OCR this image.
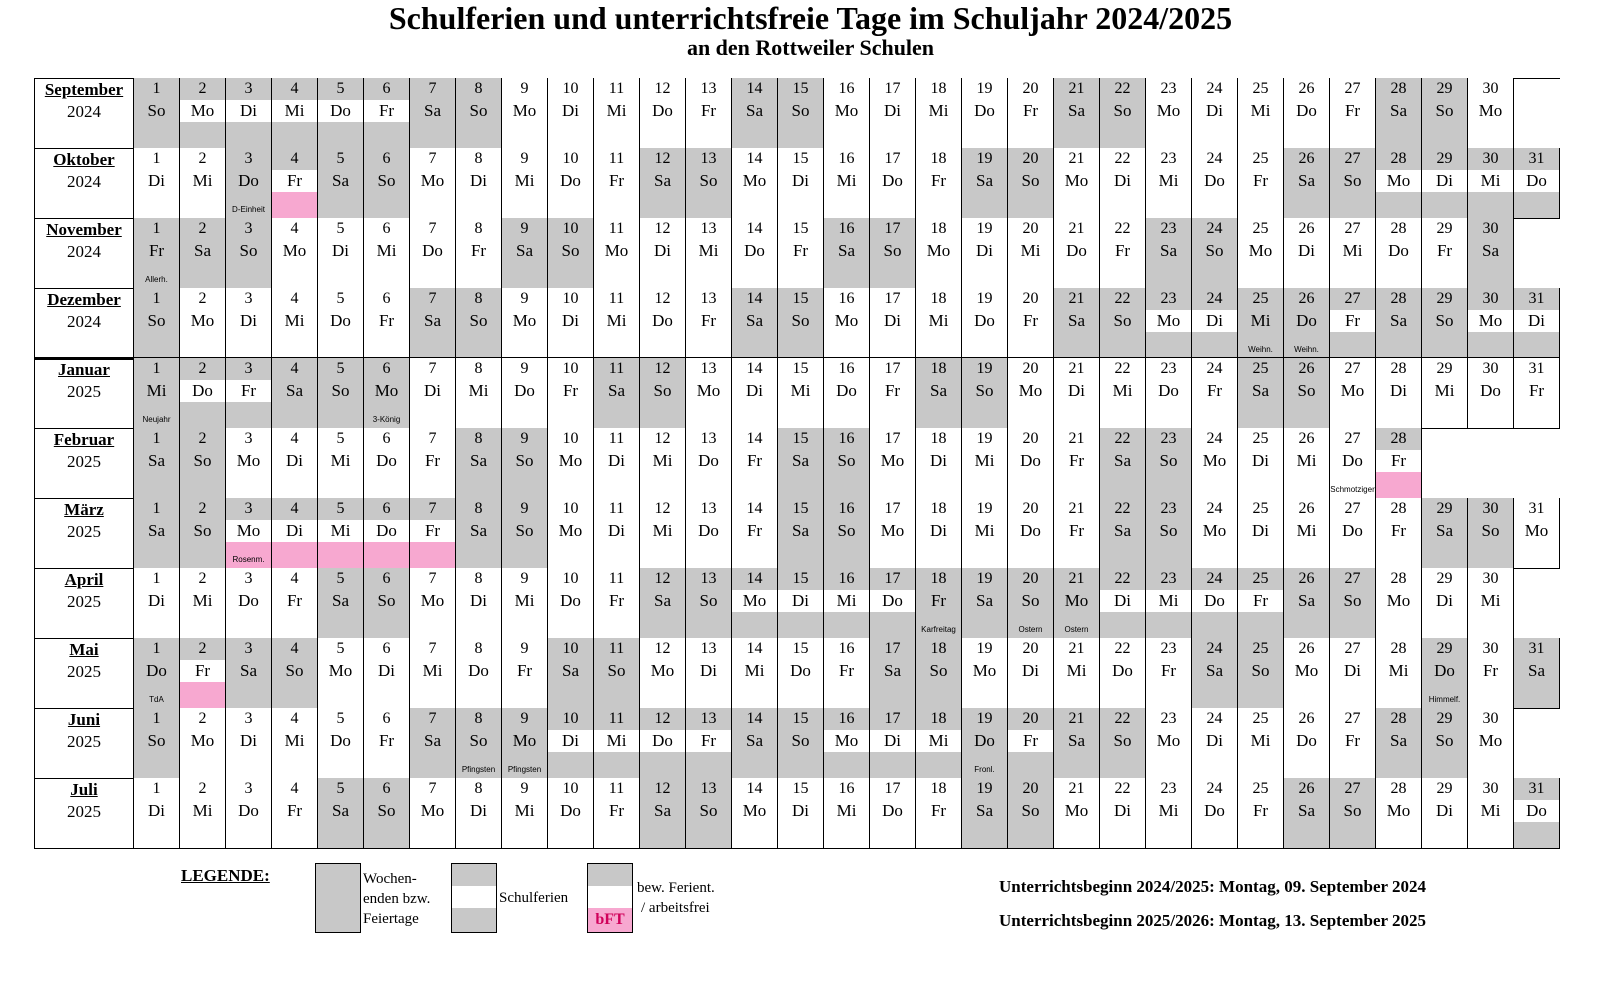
Schulferien und unterrichtsfreie Tage im Schuljahr 2024/2025
an den Rottweiler Schulen
September
2024
1
So
2
Mo
3
Di
4
Mi
5
Do
6
Fr
7
Sa
8
So
9
Mo
10
Di
11
Mi
12
Do
13
Fr
14
Sa
15
So
16
Mo
17
Di
18
Mi
19
Do
20
Fr
21
Sa
22
So
23
Mo
24
Di
25
Mi
26
Do
27
Fr
28
Sa
29
So
30
Mo
Oktober
2024
1
Di
2
Mi
3
Do
D-Einheit
4
Fr
5
Sa
6
So
7
Mo
8
Di
9
Mi
10
Do
11
Fr
12
Sa
13
So
14
Mo
15
Di
16
Mi
17
Do
18
Fr
19
Sa
20
So
21
Mo
22
Di
23
Mi
24
Do
25
Fr
26
Sa
27
So
28
Mo
29
Di
30
Mi
31
Do
November
2024
1
Fr
Allerh.
2
Sa
3
So
4
Mo
5
Di
6
Mi
7
Do
8
Fr
9
Sa
10
So
11
Mo
12
Di
13
Mi
14
Do
15
Fr
16
Sa
17
So
18
Mo
19
Di
20
Mi
21
Do
22
Fr
23
Sa
24
So
25
Mo
26
Di
27
Mi
28
Do
29
Fr
30
Sa
Dezember
2024
1
So
2
Mo
3
Di
4
Mi
5
Do
6
Fr
7
Sa
8
So
9
Mo
10
Di
11
Mi
12
Do
13
Fr
14
Sa
15
So
16
Mo
17
Di
18
Mi
19
Do
20
Fr
21
Sa
22
So
23
Mo
24
Di
25
Mi
Weihn.
26
Do
Weihn.
27
Fr
28
Sa
29
So
30
Mo
31
Di
Januar
2025
1
Mi
Neujahr
2
Do
3
Fr
4
Sa
5
So
6
Mo
3-König
7
Di
8
Mi
9
Do
10
Fr
11
Sa
12
So
13
Mo
14
Di
15
Mi
16
Do
17
Fr
18
Sa
19
So
20
Mo
21
Di
22
Mi
23
Do
24
Fr
25
Sa
26
So
27
Mo
28
Di
29
Mi
30
Do
31
Fr
Februar
2025
1
Sa
2
So
3
Mo
4
Di
5
Mi
6
Do
7
Fr
8
Sa
9
So
10
Mo
11
Di
12
Mi
13
Do
14
Fr
15
Sa
16
So
17
Mo
18
Di
19
Mi
20
Do
21
Fr
22
Sa
23
So
24
Mo
25
Di
26
Mi
27
Do
Schmotziger
28
Fr
März
2025
1
Sa
2
So
3
Mo
Rosenm.
4
Di
5
Mi
6
Do
7
Fr
8
Sa
9
So
10
Mo
11
Di
12
Mi
13
Do
14
Fr
15
Sa
16
So
17
Mo
18
Di
19
Mi
20
Do
21
Fr
22
Sa
23
So
24
Mo
25
Di
26
Mi
27
Do
28
Fr
29
Sa
30
So
31
Mo
April
2025
1
Di
2
Mi
3
Do
4
Fr
5
Sa
6
So
7
Mo
8
Di
9
Mi
10
Do
11
Fr
12
Sa
13
So
14
Mo
15
Di
16
Mi
17
Do
18
Fr
Karfreitag
19
Sa
20
So
Ostern
21
Mo
Ostern
22
Di
23
Mi
24
Do
25
Fr
26
Sa
27
So
28
Mo
29
Di
30
Mi
Mai
2025
1
Do
TdA
2
Fr
3
Sa
4
So
5
Mo
6
Di
7
Mi
8
Do
9
Fr
10
Sa
11
So
12
Mo
13
Di
14
Mi
15
Do
16
Fr
17
Sa
18
So
19
Mo
20
Di
21
Mi
22
Do
23
Fr
24
Sa
25
So
26
Mo
27
Di
28
Mi
29
Do
Himmelf.
30
Fr
31
Sa
Juni
2025
1
So
2
Mo
3
Di
4
Mi
5
Do
6
Fr
7
Sa
8
So
Pfingsten
9
Mo
Pfingsten
10
Di
11
Mi
12
Do
13
Fr
14
Sa
15
So
16
Mo
17
Di
18
Mi
19
Do
Fronl.
20
Fr
21
Sa
22
So
23
Mo
24
Di
25
Mi
26
Do
27
Fr
28
Sa
29
So
30
Mo
Juli
2025
1
Di
2
Mi
3
Do
4
Fr
5
Sa
6
So
7
Mo
8
Di
9
Mi
10
Do
11
Fr
12
Sa
13
So
14
Mo
15
Di
16
Mi
17
Do
18
Fr
19
Sa
20
So
21
Mo
22
Di
23
Mi
24
Do
25
Fr
26
Sa
27
So
28
Mo
29
Di
30
Mi
31
Do
LEGENDE:	Wochen-
enden bzw.
Feiertage
Schulferien
bFT
bew. Ferient.
/ arbeitsfrei
Unterrichtsbeginn 2024/2025: Montag, 09. September 2024
Unterrichtsbeginn 2025/2026: Montag, 13. September 2025
